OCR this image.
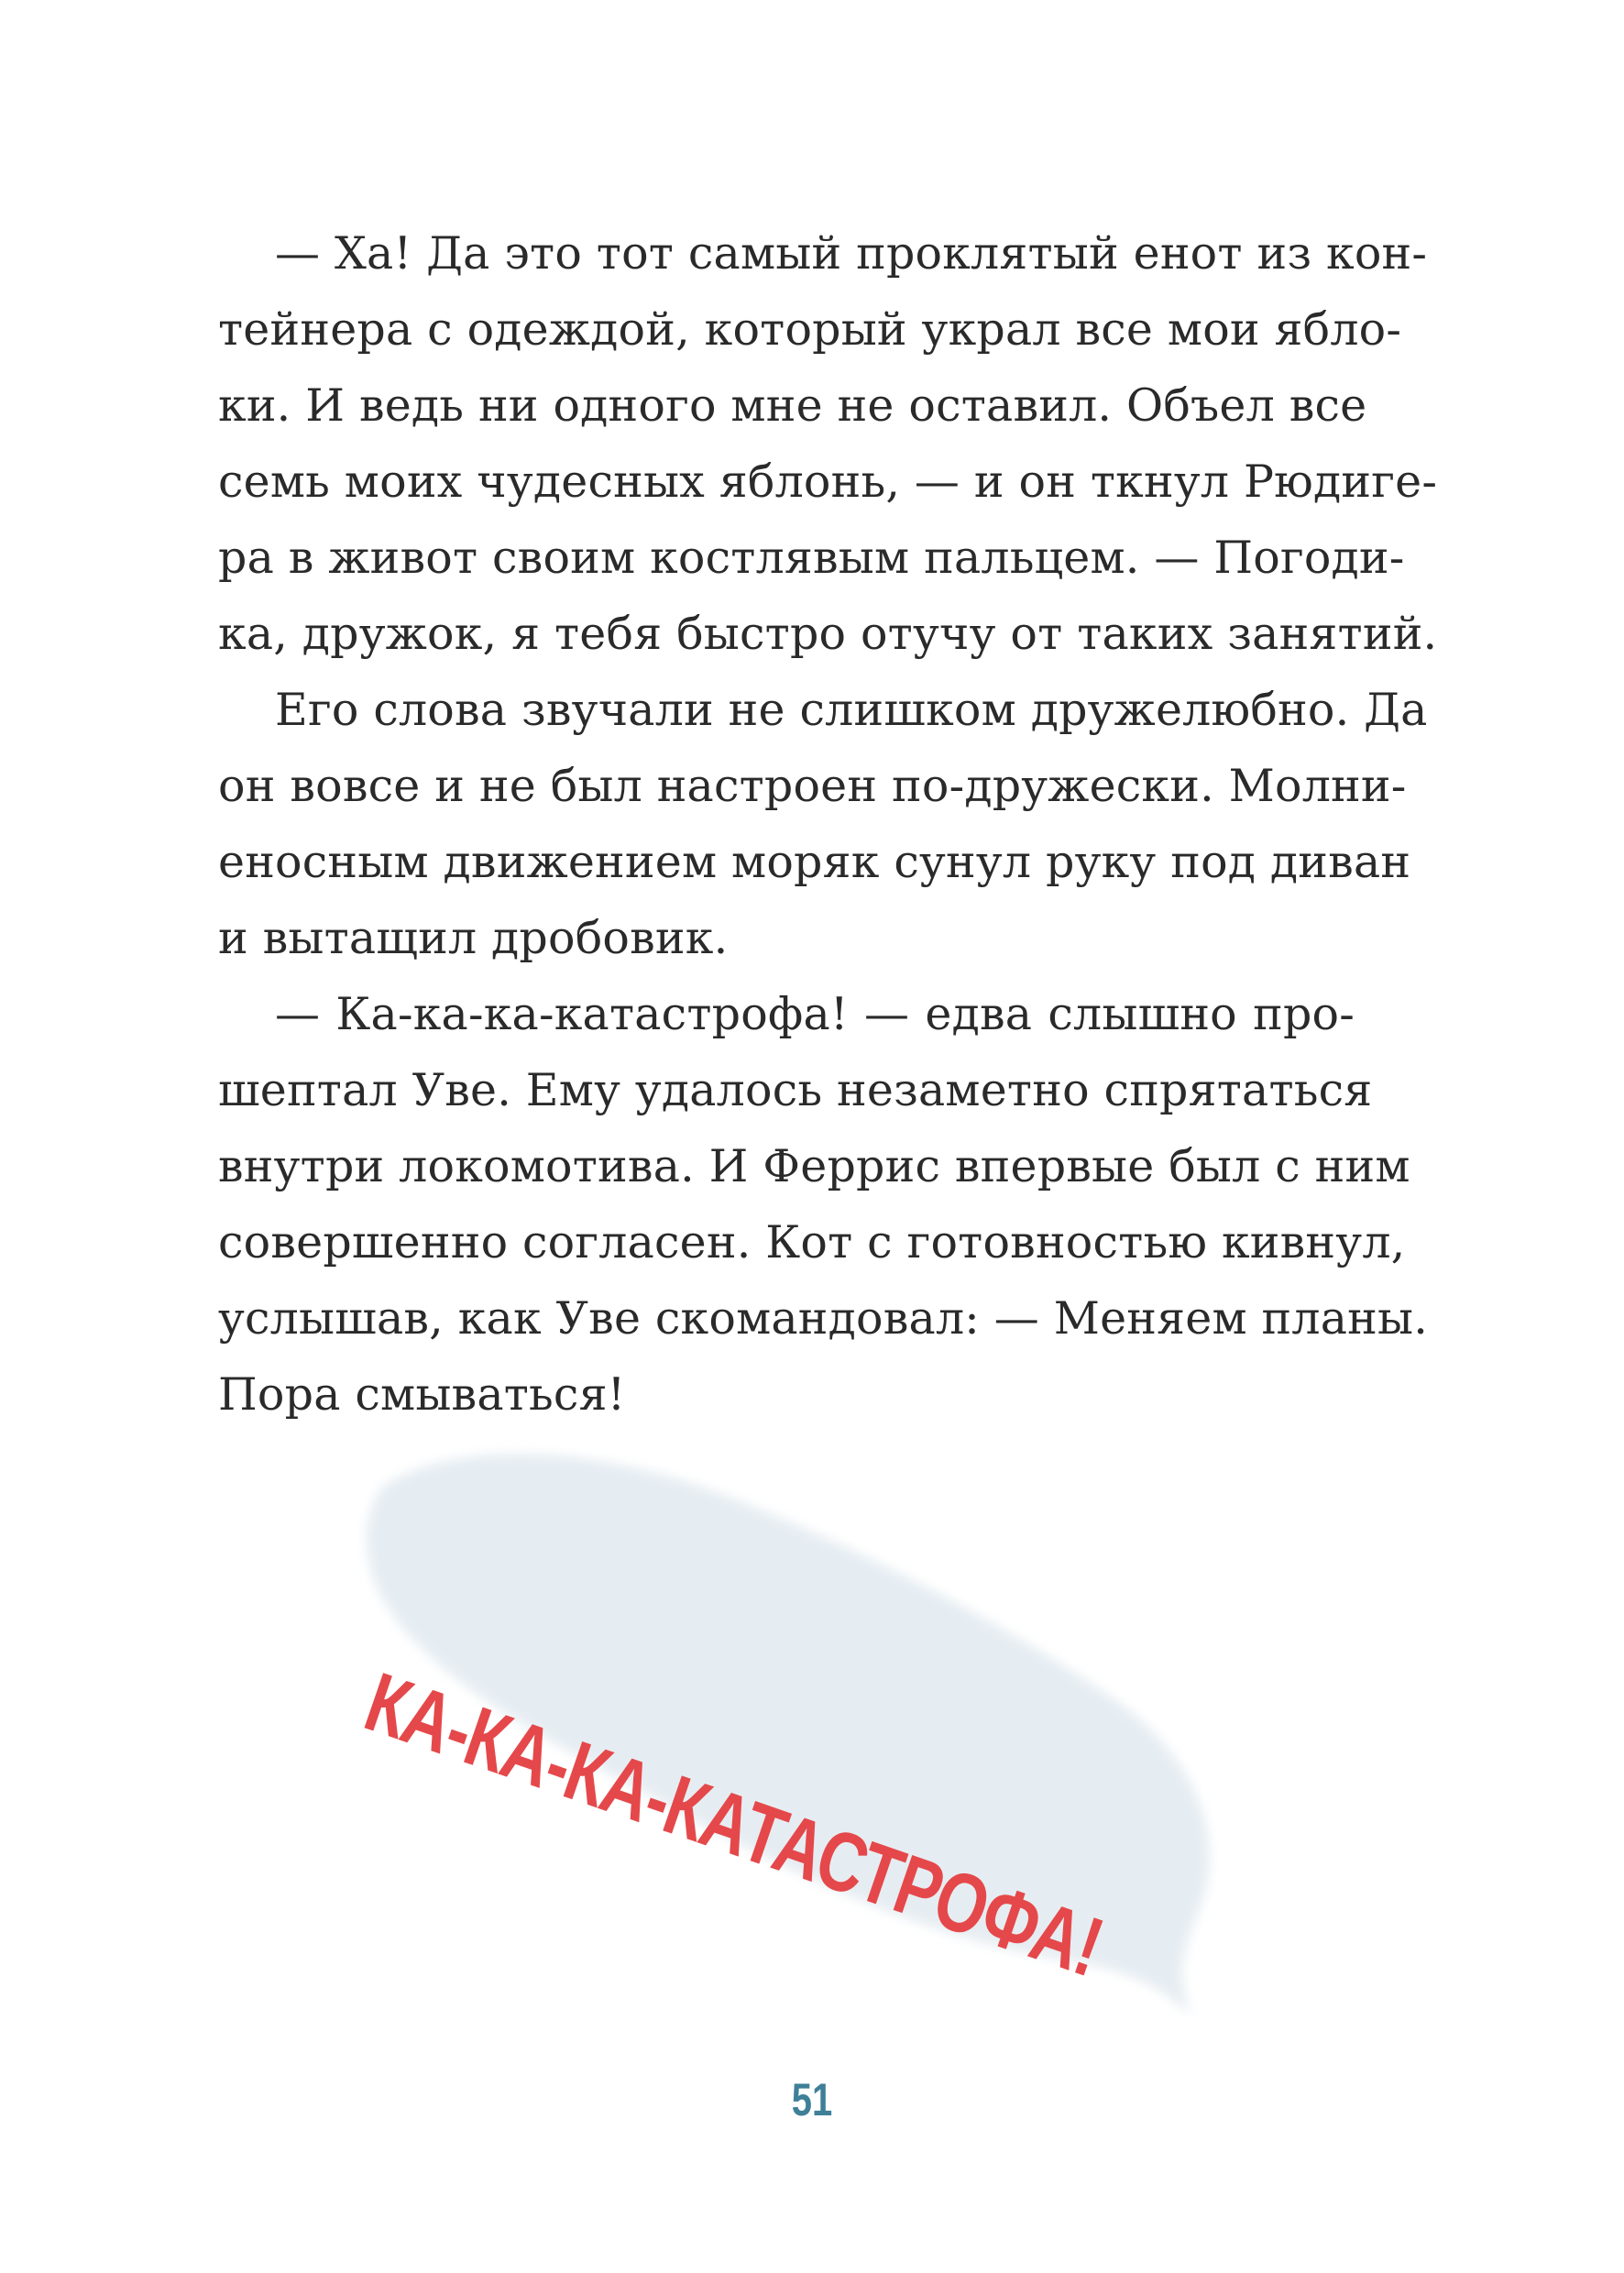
— Ха! Да это тот самый проклятый енот из кон-
тейнера с одеждой, который украл все мои ябло-
ки. И ведь ни одного мне не оставил. Объел все
семь моих чудесных яблонь, — и он ткнул Рюдиге-
ра в живот своим костлявым пальцем. — Погоди-
ка, дружок, я тебя быстро отучу от таких занятий.
Его слова звучали не слишком дружелюбно. Да
он вовсе и не был настроен по-дружески. Молни-
еносным движением моряк сунул руку под диван
и вытащил дробовик.
— Ка-ка-ка-катастрофа! — едва слышно про-
шептал Уве. Ему удалось незаметно спрятаться
внутри локомотива. И Феррис впервые был с ним
совершенно согласен. Кот с готовностью кивнул,
услышав, как Уве скомандовал: — Меняем планы.
Пора смываться!
КА-КА-КА-КАТАСТРОФА!
51
